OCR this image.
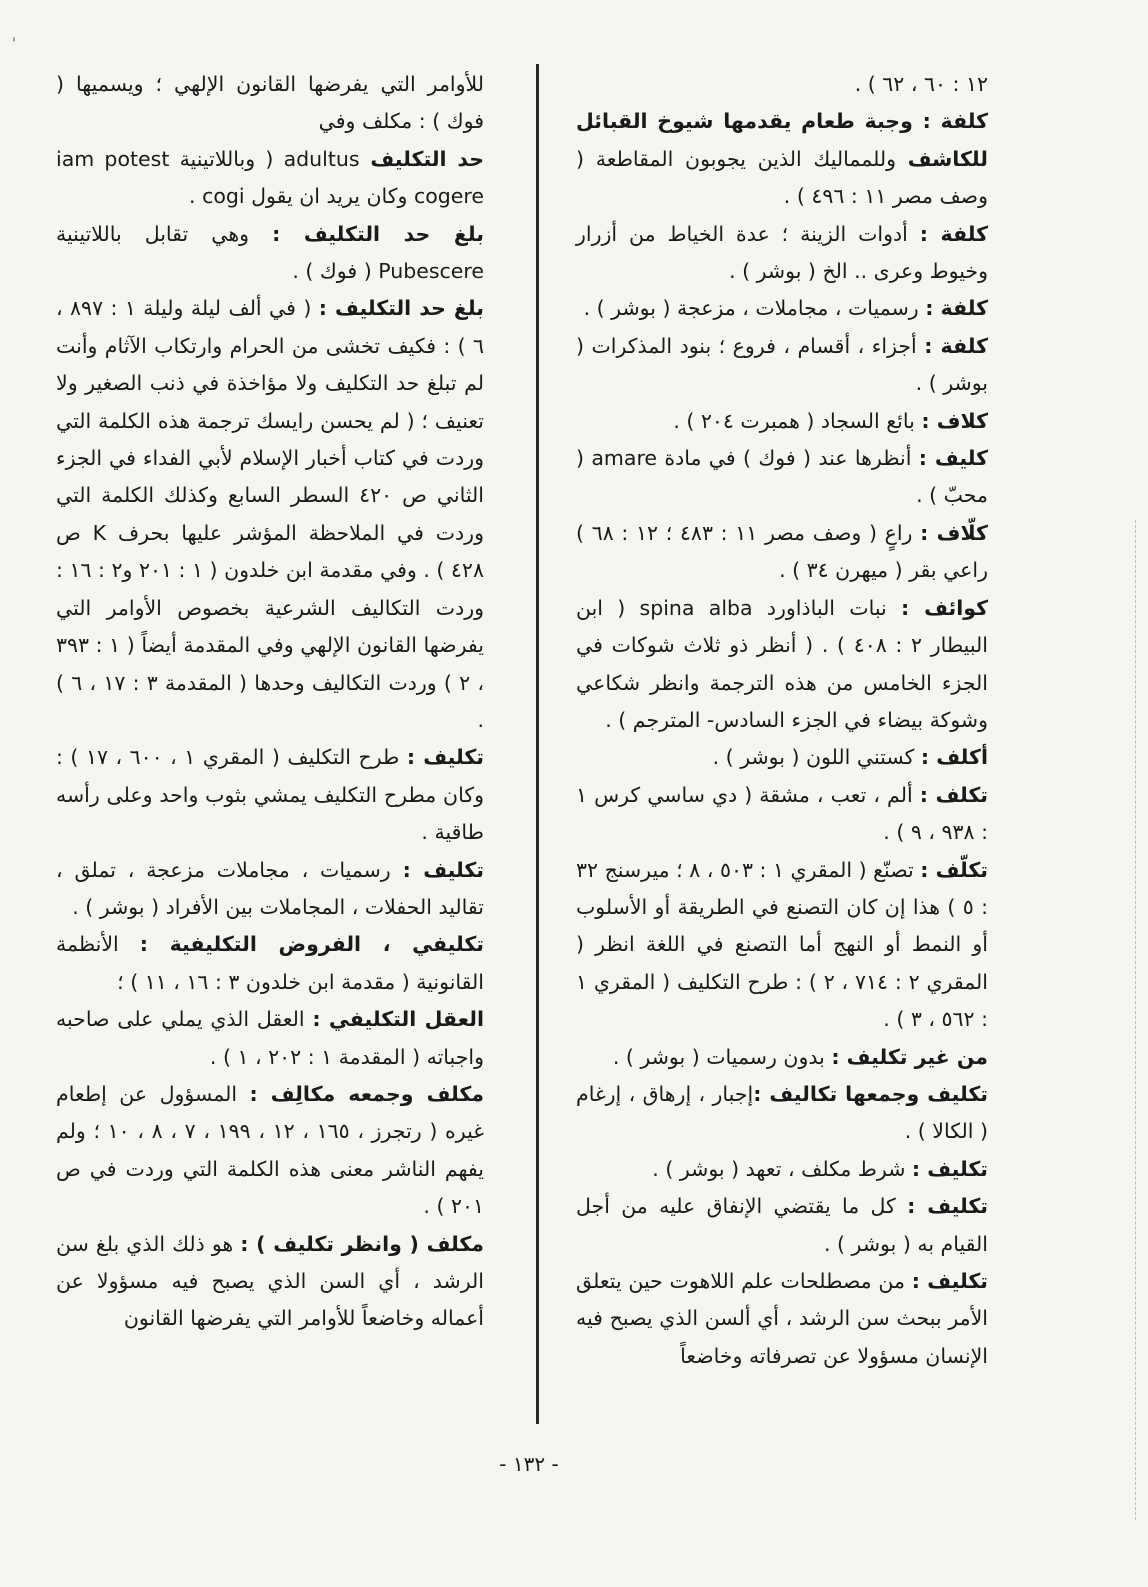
'

١٢ : ٦٠ ، ٦٢ ) .

كلفة : وجبة طعام يقدمها شيوخ القبائل للكاشف وللمماليك الذين يجوبون المقاطعة ( وصف مصر ١١ : ٤٩٦ ) .

كلفة : أدوات الزينة ؛ عدة الخياط من أزرار وخيوط وعرى .. الخ ( بوشر ) .

كلفة : رسميات ، مجاملات ، مزعجة ( بوشر ) .

كلفة : أجزاء ، أقسام ، فروع ؛ بنود المذكرات ( بوشر ) .

كلاف : بائع السجاد ( همبرت ٢٠٤ ) .

كليف : أنظرها عند ( فوك ) في مادة amare ( محبّ ) .

كلّاف : راعٍ ( وصف مصر ١١ : ٤٨٣ ؛ ١٢ : ٦٨ ) راعي بقر ( ميهرن ٣٤ ) .

كوائف : نبات الباذاورد spina alba ( ابن البيطار ٢ : ٤٠٨ ) . ( أنظر ذو ثلاث شوكات في الجزء الخامس من هذه الترجمة وانظر شكاعي وشوكة بيضاء في الجزء السادس- المترجم ) .

أكلف : كستني اللون ( بوشر ) .

تكلف : ألم ، تعب ، مشقة ( دي ساسي كرس ١ : ٩٣٨ ، ٩ ) .

تكلّف : تصنّع ( المقري ١ : ٥٠٣ ، ٨ ؛ ميرسنج ٣٢ : ٥ ) هذا إن كان التصنع في الطريقة أو الأسلوب أو النمط أو النهج أما التصنع في اللغة انظر ( المقري ٢ : ٧١٤ ، ٢ ) : طرح التكليف ( المقري ١ : ٥٦٢ ، ٣ ) .

من غير تكليف : بدون رسميات ( بوشر ) .

تكليف وجمعها تكاليف :إجبار ، إرهاق ، إرغام ( الكالا ) .

تكليف : شرط مكلف ، تعهد ( بوشر ) .

تكليف : كل ما يقتضي الإنفاق عليه من أجل القيام به ( بوشر ) .

تكليف : من مصطلحات علم اللاهوت حين يتعلق الأمر ببحث سن الرشد ، أي ألسن الذي يصبح فيه الإنسان مسؤولا عن تصرفاته وخاضعاً

للأوامر التي يفرضها القانون الإلهي ؛ ويسميها ( فوك ) : مكلف وفي

حد التكليف adultus ( وباللاتينية iam potest cogere وكان يريد ان يقول cogi .

بلغ حد التكليف : وهي تقابل باللاتينية Pubescere ( فوك ) .

بلغ حد التكليف : ( في ألف ليلة وليلة ١ : ٨٩٧ ، ٦ ) : فكيف تخشى من الحرام وارتكاب الآثام وأنت لم تبلغ حد التكليف ولا مؤاخذة في ذنب الصغير ولا تعنيف ؛ ( لم يحسن رايسك ترجمة هذه الكلمة التي وردت في كتاب أخبار الإسلام لأبي الفداء في الجزء الثاني ص ٤٢٠ السطر السابع وكذلك الكلمة التي وردت في الملاحظة المؤشر عليها بحرف K ص ٤٢٨ ) . وفي مقدمة ابن خلدون ( ١ : ٢٠١ و٢ : ١٦ : وردت التكاليف الشرعية بخصوص الأوامر التي يفرضها القانون الإلهي وفي المقدمة أيضاً ( ١ : ٣٩٣ ، ٢ ) وردت التكاليف وحدها ( المقدمة ٣ : ١٧ ، ٦ ) .

تكليف : طرح التكليف ( المقري ١ ، ٦٠٠ ، ١٧ ) : وكان مطرح التكليف يمشي بثوب واحد وعلى رأسه طاقية .

تكليف : رسميات ، مجاملات مزعجة ، تملق ، تقاليد الحفلات ، المجاملات بين الأفراد ( بوشر ) .

تكليفي ، الفروض التكليفية : الأنظمة القانونية ( مقدمة ابن خلدون ٣ : ١٦ ، ١١ ) ؛

العقل التكليفي : العقل الذي يملي على صاحبه واجباته ( المقدمة ١ : ٢٠٢ ، ١ ) .

مكلف وجمعه مكالِف : المسؤول عن إطعام غيره ( رتجرز ، ١٦٥ ، ١٢ ، ١٩٩ ، ٧ ، ٨ ، ١٠ ؛ ولم يفهم الناشر معنى هذه الكلمة التي وردت في ص ٢٠١ ) .

مكلف ( وانظر تكليف ) : هو ذلك الذي بلغ سن الرشد ، أي السن الذي يصبح فيه مسؤولا عن أعماله وخاضعاً للأوامر التي يفرضها القانون

- ١٣٢ -
